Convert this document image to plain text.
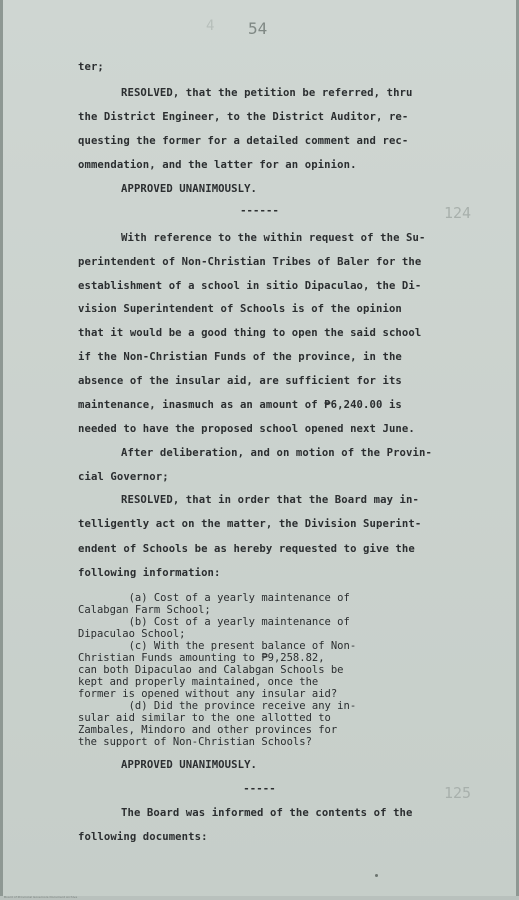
4 54
124
125
ter;
RESOLVED, that the petition be referred, thru
the District Engineer, to the District Auditor, re-
questing the former for a detailed comment and rec-
ommendation, and the latter for an opinion.
APPROVED UNANIMOUSLY.
------
With reference to the within request of the Su-
perintendent of Non-Christian Tribes of Baler for the
establishment of a school in sitio Dipaculao, the Di-
vision Superintendent of Schools is of the opinion
that it would be a good thing to open the said school
if the Non-Christian Funds of the province, in the
absence of the insular aid, are sufficient for its
maintenance, inasmuch as an amount of ₱6,240.00 is
needed to have the proposed school opened next June.
After deliberation, and on motion of the Provin-
cial Governor;
RESOLVED, that in order that the Board may in-
telligently act on the matter, the Division Superint-
endent of Schools be as hereby requested to give the
following information:
(a) Cost of a yearly maintenance of
Calabgan Farm School;
(b) Cost of a yearly maintenance of
Dipaculao School;
(c) With the present balance of Non-
Christian Funds amounting to ₱9,258.82,
can both Dipaculao and Calabgan Schools be
kept and properly maintained, once the
former is opened without any insular aid?
(d) Did the province receive any in-
sular aid similar to the one allotted to
Zambales, Mindoro and other provinces for
the support of Non-Christian Schools?
APPROVED UNANIMOUSLY.
-----
The Board was informed of the contents of the
following documents:
Board of Provincial Governors Document Archive
